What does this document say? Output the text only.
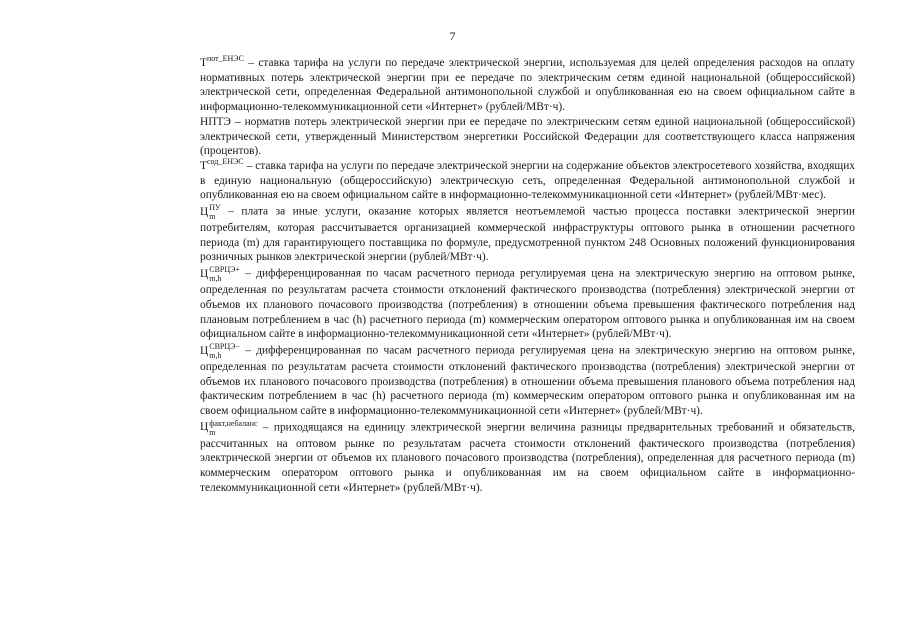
7

$Т^{пот\_ЕНЭС}$ – ставка тарифа на услуги по передаче электрической энергии, используемая для целей определения расходов на оплату нормативных потерь электрической энергии при ее передаче по электрическим сетям единой национальной (общероссийской) электрической сети, определенная Федеральной антимонопольной службой и опубликованная ею на своем официальном сайте в информационно-телекоммуникационной сети «Интернет» (рублей/МВт·ч).

НПТЭ – норматив потерь электрической энергии при ее передаче по электрическим сетям единой национальной (общероссийской) электрической сети, утвержденный Министерством энергетики Российской Федерации для соответствующего класса напряжения (процентов).

$Т^{сод\_ЕНЭС}$ – ставка тарифа на услуги по передаче электрической энергии на содержание объектов электросетевого хозяйства, входящих в единую национальную (общероссийскую) электрическую сеть, определенная Федеральной антимонопольной службой и опубликованная ею на своем официальном сайте в информационно-телекоммуникационной сети «Интернет» (рублей/МВт·мес).

Ц ПУ
m	– плата за иные услуги, оказание которых является неотъемлемой частью процесса поставки электрической энергии потребителям, которая рассчитывается организацией коммерческой инфраструктуры оптового рынка в отношении расчетного периода (m) для гарантирующего поставщика по формуле, предусмотренной пунктом 248 Основных положений функционирования розничных рынков электрической энергии (рублей/МВт·ч).

Ц СВРЦЭ+
m,h	– дифференцированная по часам расчетного периода регулируемая цена на электрическую энергию на оптовом рынке, определенная по результатам расчета стоимости отклонений фактического производства (потребления) электрической энергии от объемов их планового почасового производства (потребления) в отношении объема превышения фактического потребления над плановым потреблением в час (h) расчетного периода (m) коммерческим оператором оптового рынка и опубликованная им на своем официальном сайте в информационно-телекоммуникационной сети «Интернет» (рублей/МВт·ч).

Ц СВРЦЭ−
m,h	– дифференцированная по часам расчетного периода регулируемая цена на электрическую энергию на оптовом рынке, определенная по результатам расчета стоимости отклонений фактического производства (потребления) электрической энергии от объемов их планового почасового производства (потребления) в отношении объема превышения планового объема потребления над фактическим потреблением в час (h) расчетного периода (m) коммерческим оператором оптового рынка и опубликованная им на своем официальном сайте в информационно-телекоммуникационной сети «Интернет» (рублей/МВт·ч).

Ц факт,небаланс
m	– приходящаяся на единицу электрической энергии величина разницы предварительных требований и обязательств, рассчитанных на оптовом рынке по результатам расчета стоимости отклонений фактического производства (потребления) электрической энергии от объемов их планового почасового производства (потребления), определенная для расчетного периода (m) коммерческим оператором оптового рынка и опубликованная им на своем официальном сайте в информационно-телекоммуникационной сети «Интернет» (рублей/МВт·ч).
